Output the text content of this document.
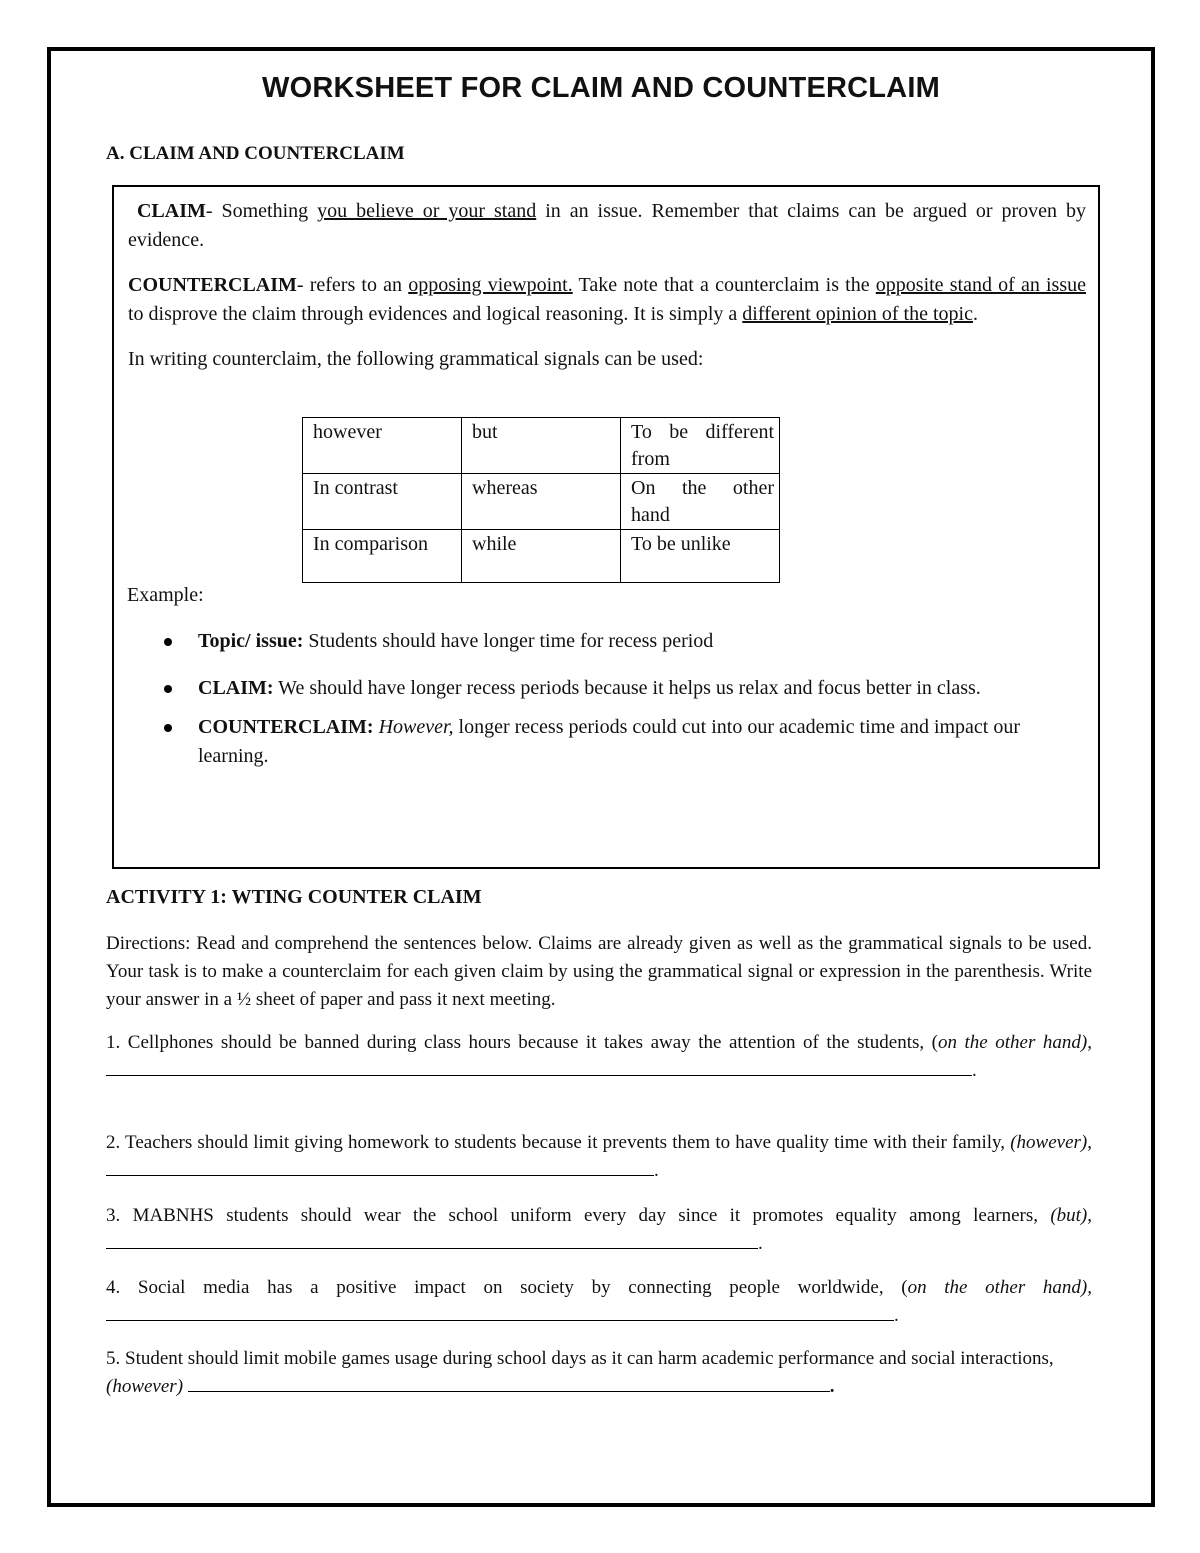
WORKSHEET FOR CLAIM AND COUNTERCLAIM
A. CLAIM AND COUNTERCLAIM

CLAIM- Something you believe or your stand in an issue. Remember that claims can be argued or proven by evidence.

COUNTERCLAIM- refers to an opposing viewpoint. Take note that a counterclaim is the opposite stand of an issue to disprove the claim through evidences and logical reasoning. It is simply a different opinion of the topic.

In writing counterclaim, the following grammatical signals can be used:

however	but	To be different from
In contrast	whereas	On the other hand
In comparison	while	To be unlike
Example:
Topic/ issue: Students should have longer time for recess period
CLAIM: We should have longer recess periods because it helps us relax and focus better in class.
COUNTERCLAIM: However, longer recess periods could cut into our academic time and impact our learning.
ACTIVITY 1: WTING COUNTER CLAIM

Directions: Read and comprehend the sentences below. Claims are already given as well as the grammatical signals to be used. Your task is to make a counterclaim for each given claim by using the grammatical signal or expression in the parenthesis. Write your answer in a ½ sheet of paper and pass it next meeting.

1. Cellphones should be banned during class hours because it takes away the attention of the students, (on the other hand),
.

2. Teachers should limit giving homework to students because it prevents them to have quality time with their family, (however), .

3. MABNHS students should wear the school uniform every day since it promotes equality among learners, (but), .

4. Social media has a positive impact on society by connecting people worldwide, (on the other hand),
.

5. Student should limit mobile games usage during school days as it can harm academic performance and social interactions, (however)	.
